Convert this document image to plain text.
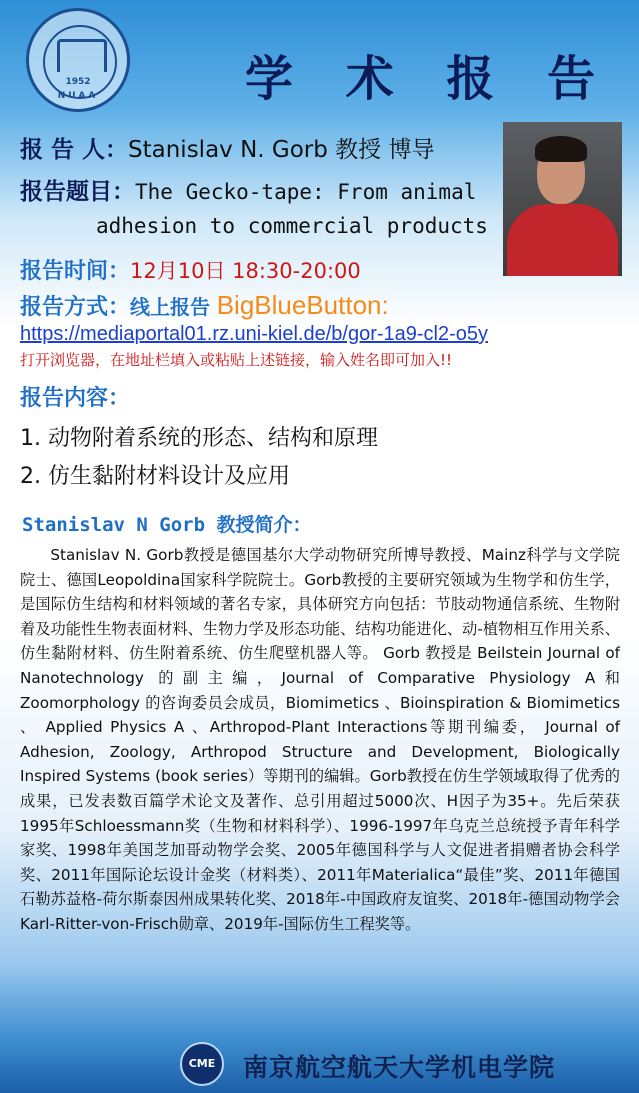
1952
NUAA	学 术 报 告
报 告 人：Stanislav N. Gorb 教授 博导
报告题目：The Gecko-tape: From animal
adhesion to commercial products
报告时间：12月10日 18:30-20:00
报告方式：线上报告 BigBlueButton:
https://mediaportal01.rz.uni-kiel.de/b/gor-1a9-cl2-o5y
打开浏览器，在地址栏填入或粘贴上述链接，输入姓名即可加入!!
报告内容：
1. 动物附着系统的形态、结构和原理
2. 仿生黏附材料设计及应用
Stanislav N Gorb 教授简介：

Stanislav N. Gorb教授是德国基尔大学动物研究所博导教授、Mainz科学与文学院院士、德国Leopoldina国家科学院院士。Gorb教授的主要研究领域为生物学和仿生学，是国际仿生结构和材料领域的著名专家，具体研究方向包括：节肢动物通信系统、生物附着及功能性生物表面材料、生物力学及形态功能、结构功能进化、动-植物相互作用关系、仿生黏附材料、仿生附着系统、仿生爬壁机器人等。 Gorb 教授是 Beilstein Journal of Nanotechnology 的副主编，Journal of Comparative Physiology A和 Zoomorphology 的咨询委员会成员，Biomimetics 、Bioinspiration & Biomimetics 、 Applied Physics A 、Arthropod-Plant Interactions等期刊编委， Journal of Adhesion, Zoology, Arthropod Structure and Development, Biologically Inspired Systems (book series）等期刊的编辑。Gorb教授在仿生学领域取得了优秀的成果，已发表数百篇学术论文及著作、总引用超过5000次、H因子为35+。先后荣获1995年Schloessmann奖（生物和材料科学）、1996-1997年乌克兰总统授予青年科学家奖、1998年美国芝加哥动物学会奖、2005年德国科学与人文促进者捐赠者协会科学奖、2011年国际论坛设计金奖（材料类）、2011年Materialica“最佳”奖、2011年德国石勒苏益格-荷尔斯泰因州成果转化奖、2018年-中国政府友谊奖、2018年-德国动物学会Karl-Ritter-von-Frisch勋章、2019年-国际仿生工程奖等。

CME	南京航空航天大学机电学院
